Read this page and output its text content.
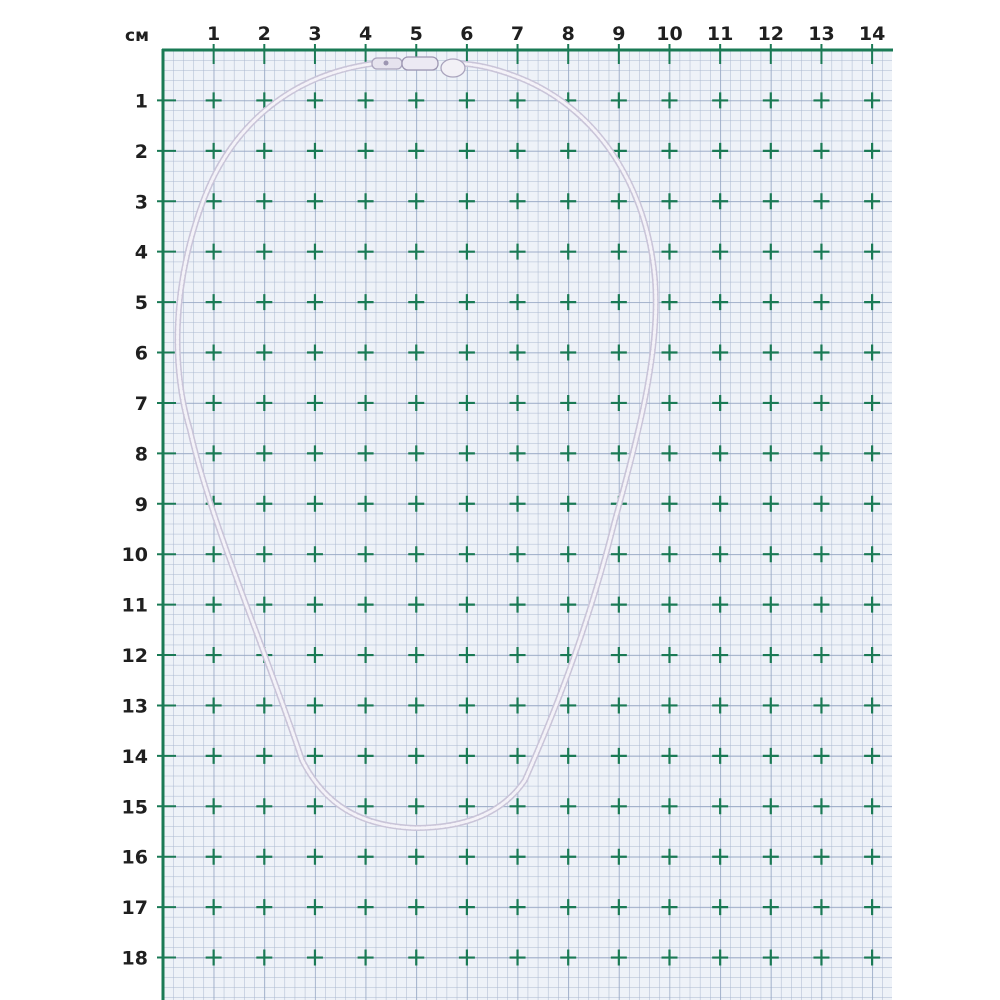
см	1 2 3 4 5 6 7 8 9 10 11 12 13 14
1
2
3
4
5
6
7
8
9
10
11
12
13
14
15
16
17
18
